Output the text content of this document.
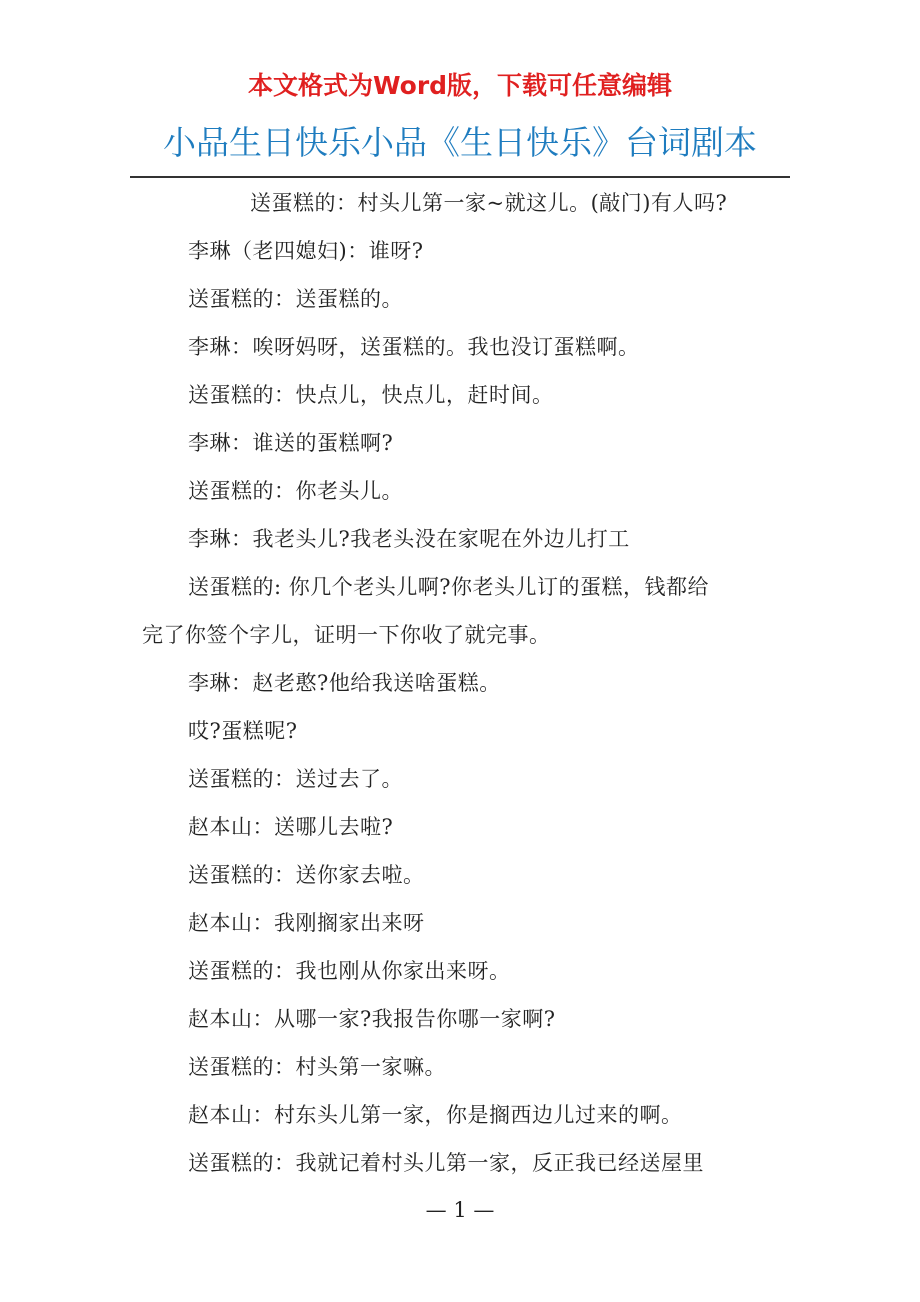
本文格式为Word版，下载可任意编辑
小品生日快乐小品《生日快乐》台词剧本
送蛋糕的：村头儿第一家~就这儿。(敲门)有人吗?
李琳（老四媳妇)：谁呀?
送蛋糕的：送蛋糕的。
李琳：唉呀妈呀，送蛋糕的。我也没订蛋糕啊。
送蛋糕的：快点儿，快点儿，赶时间。
李琳：谁送的蛋糕啊?
送蛋糕的：你老头儿。
李琳：我老头儿?我老头没在家呢在外边儿打工
送蛋糕的: 你几个老头儿啊?你老头儿订的蛋糕，钱都给
完了你签个字儿，证明一下你收了就完事。
李琳：赵老憨?他给我送啥蛋糕。
哎?蛋糕呢?
送蛋糕的：送过去了。
赵本山：送哪儿去啦?
送蛋糕的：送你家去啦。
赵本山：我刚搁家出来呀
送蛋糕的：我也刚从你家出来呀。
赵本山：从哪一家?我报告你哪一家啊?
送蛋糕的：村头第一家嘛。
赵本山：村东头儿第一家，你是搁西边儿过来的啊。
送蛋糕的：我就记着村头儿第一家，反正我已经送屋里
— 1 —
